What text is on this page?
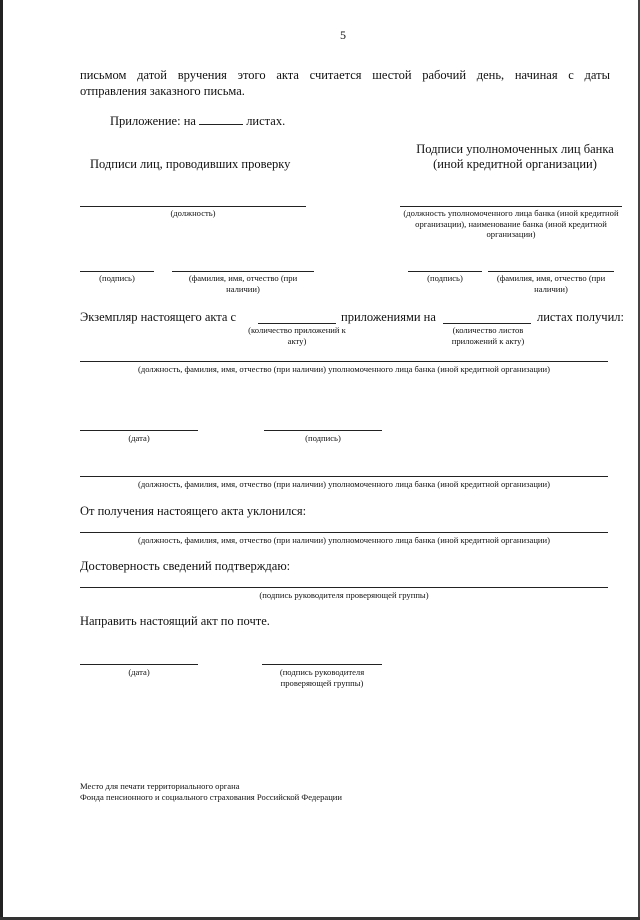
5
письмом датой вручения этого акта считается шестой рабочий день, начиная с даты
отправления заказного письма.
Приложение: на	листах.
Подписи лиц, проводивших проверку
Подписи уполномоченных лиц банка
(иной кредитной организации)
(должность)	(должность уполномоченного лица банка (иной кредитной организации), наименование банка (иной кредитной организации)
(подпись)	(фамилия, имя, отчество (при наличии)
(подпись)	(фамилия, имя, отчество (при наличии)
Экземпляр настоящего акта с	приложениями на	листах получил:
(количество приложений к акту)
(количество листов приложений к акту)
(должность, фамилия, имя, отчество (при наличии) уполномоченного лица банка (иной кредитной организации)
(дата)	(подпись)
(должность, фамилия, имя, отчество (при наличии) уполномоченного лица банка (иной кредитной организации)
От получения настоящего акта уклонился:
(должность, фамилия, имя, отчество (при наличии) уполномоченного лица банка (иной кредитной организации)
Достоверность сведений подтверждаю:
(подпись руководителя проверяющей группы)
Направить настоящий акт по почте.
(дата)	(подпись руководителя проверяющей группы)
Место для печати территориального органа
Фонда пенсионного и социального страхования Российской Федерации
